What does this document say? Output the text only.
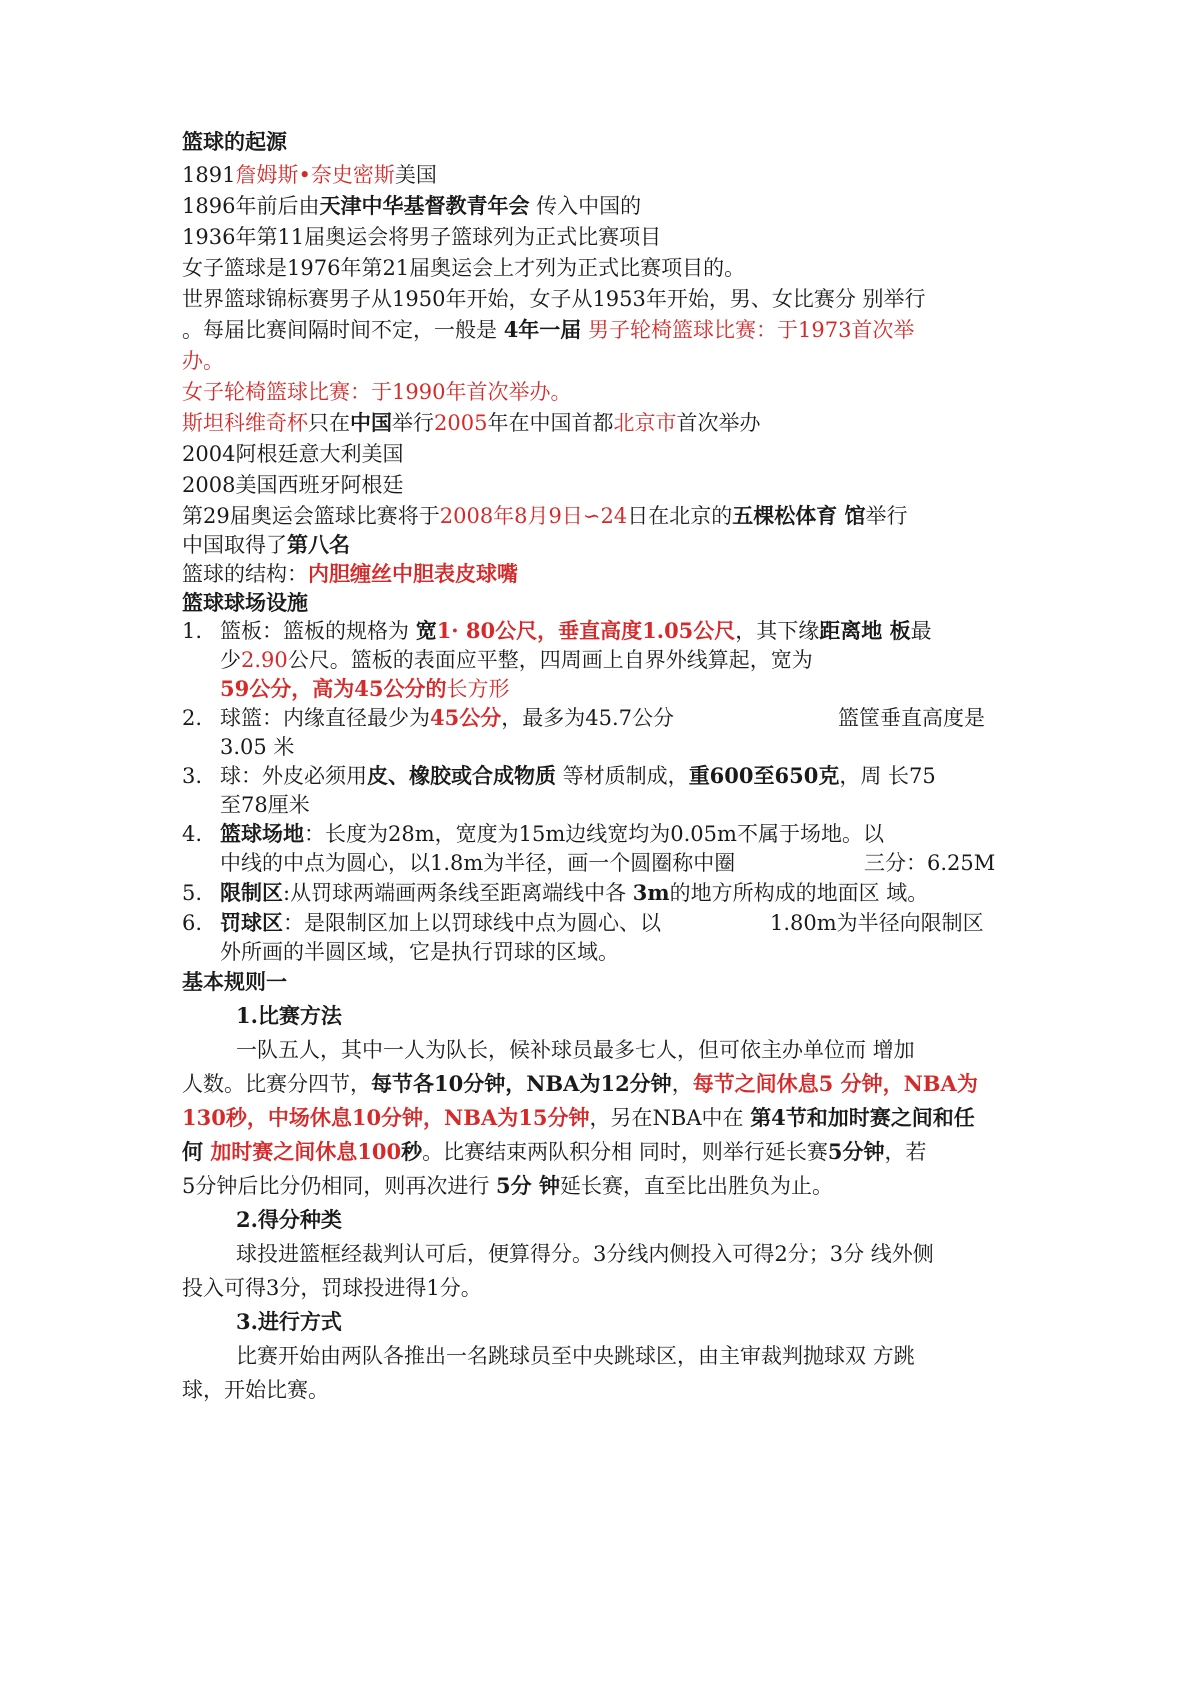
篮球的起源
1891詹姆斯•奈史密斯美国
1896年前后由天津中华基督教青年会 传入中国的
1936年第11届奥运会将男子篮球列为正式比赛项目
女子篮球是1976年第21届奥运会上才列为正式比赛项目的。
世界篮球锦标赛男子从1950年开始，女子从1953年开始，男、女比赛分 别举行
。每届比赛间隔时间不定，一般是 4年一届 男子轮椅篮球比赛：于1973首次举
办。
女子轮椅篮球比赛：于1990年首次举办。
斯坦科维奇杯只在中国举行2005年在中国首都北京市首次举办
2004阿根廷意大利美国
2008美国西班牙阿根廷
第29届奥运会篮球比赛将于2008年8月9日∽24日在北京的五棵松体育 馆举行
中国取得了第八名
篮球的结构：内胆缠丝中胆表皮球嘴
篮球球场设施
1. 篮板：篮板的规格为 宽1· 80公尺，垂直高度1.05公尺，其下缘距离地 板最
少2.90公尺。篮板的表面应平整，四周画上自界外线算起，宽为
59公分，高为45公分的长方形
2. 球篮：内缘直径最少为45公分，最多为45.7公分	篮筐垂直高度是
3.05 米
3. 球：外皮必须用皮、橡胶或合成物质 等材质制成，重600至650克，周 长75
至78厘米
4. 篮球场地：长度为28m，宽度为15m边线宽均为0.05m不属于场地。以
中线的中点为圆心，以1.8m为半径，画一个圆圈称中圈	三分：6.25M
5. 限制区:从罚球两端画两条线至距离端线中各 3m的地方所构成的地面区 域。
6. 罚球区：是限制区加上以罚球线中点为圆心、以	1.80m为半径向限制区
外所画的半圆区域，它是执行罚球的区域。
基本规则一
1.比赛方法
一队五人，其中一人为队长，候补球员最多七人，但可依主办单位而 增加
人数。比赛分四节，每节各10分钟，NBA为12分钟，每节之间休息5 分钟，NBA为
130秒，中场休息10分钟，NBA为15分钟，另在NBA中在 第4节和加时赛之间和任
何 加时赛之间休息100秒。比赛结束两队积分相 同时，则举行延长赛5分钟，若
5分钟后比分仍相同，则再次进行 5分 钟延长赛，直至比出胜负为止。
2.得分种类
球投进篮框经裁判认可后，便算得分。3分线内侧投入可得2分；3分 线外侧
投入可得3分，罚球投进得1分。
3.进行方式
比赛开始由两队各推出一名跳球员至中央跳球区，由主审裁判抛球双 方跳
球，开始比赛。
